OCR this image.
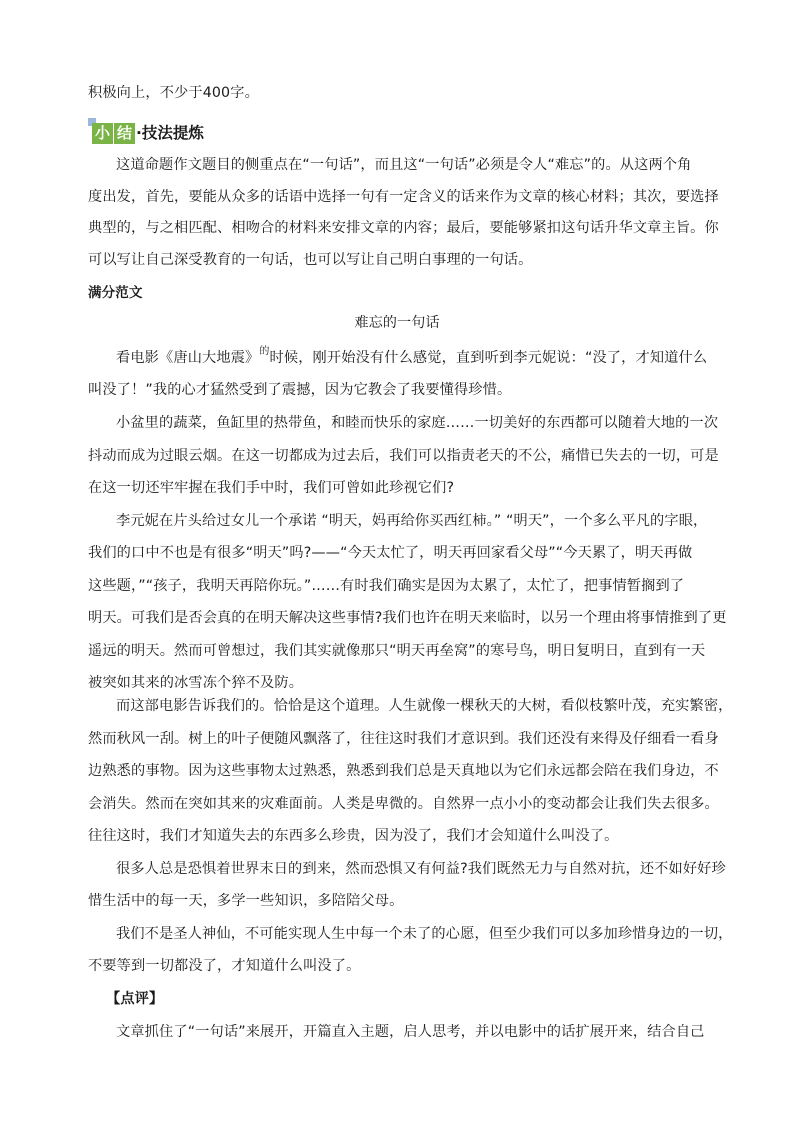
积极向上，不少于400字。
小 结 ·技法提炼
这道命题作文题目的侧重点在“一句话”，而且这“一句话”必须是令人“难忘”的。从这两个角
度出发，首先，要能从众多的话语中选择一句有一定含义的话来作为文章的核心材料；其次，要选择
典型的，与之相匹配、相吻合的材料来安排文章的内容；最后，要能够紧扣这句话升华文章主旨。你
可以写让自己深受教育的一句话，也可以写让自己明白事理的一句话。
满分范文
难忘的一句话
看电影《唐山大地震》$^的$时候，刚开始没有什么感觉，直到听到李元妮说：“没了，才知道什么
叫没了！”我的心才猛然受到了震撼，因为它教会了我要懂得珍惜。
小盆里的蔬菜，鱼缸里的热带鱼，和睦而快乐的家庭……一切美好的东西都可以随着大地的一次
抖动而成为过眼云烟。在这一切都成为过去后，我们可以指责老天的不公，痛惜已失去的一切，可是
在这一切还牢牢握在我们手中时，我们可曾如此珍视它们?
李元妮在片头给过女儿一个承诺 “明天，妈再给你买西红柿。” “明天”，一个多么平凡的字眼，
我们的口中不也是有很多“明天”吗?——“今天太忙了，明天再回家看父母”“今天累了，明天再做
这些题，”“孩子，我明天再陪你玩。”……有时我们确实是因为太累了，太忙了，把事情暂搁到了
明天。可我们是否会真的在明天解决这些事情?我们也许在明天来临时，以另一个理由将事情推到了更
遥远的明天。然而可曾想过，我们其实就像那只“明天再垒窝”的寒号鸟，明日复明日，直到有一天
被突如其来的冰雪冻个猝不及防。
而这部电影告诉我们的。恰恰是这个道理。人生就像一棵秋天的大树，看似枝繁叶茂，充实繁密，
然而秋风一刮。树上的叶子便随风飘落了，往往这时我们才意识到。我们还没有来得及仔细看一看身
边熟悉的事物。因为这些事物太过熟悉，熟悉到我们总是天真地以为它们永远都会陪在我们身边，不
会消失。然而在突如其来的灾难面前。人类是卑微的。自然界一点小小的变动都会让我们失去很多。
往往这时，我们才知道失去的东西多么珍贵，因为没了，我们才会知道什么叫没了。
很多人总是恐惧着世界末日的到来，然而恐惧又有何益?我们既然无力与自然对抗，还不如好好珍
惜生活中的每一天，多学一些知识，多陪陪父母。
我们不是圣人神仙，不可能实现人生中每一个未了的心愿，但至少我们可以多加珍惜身边的一切，
不要等到一切都没了，才知道什么叫没了。
【点评】
文章抓住了“一句话”来展开，开篇直入主题，启人思考，并以电影中的话扩展开来，结合自己
